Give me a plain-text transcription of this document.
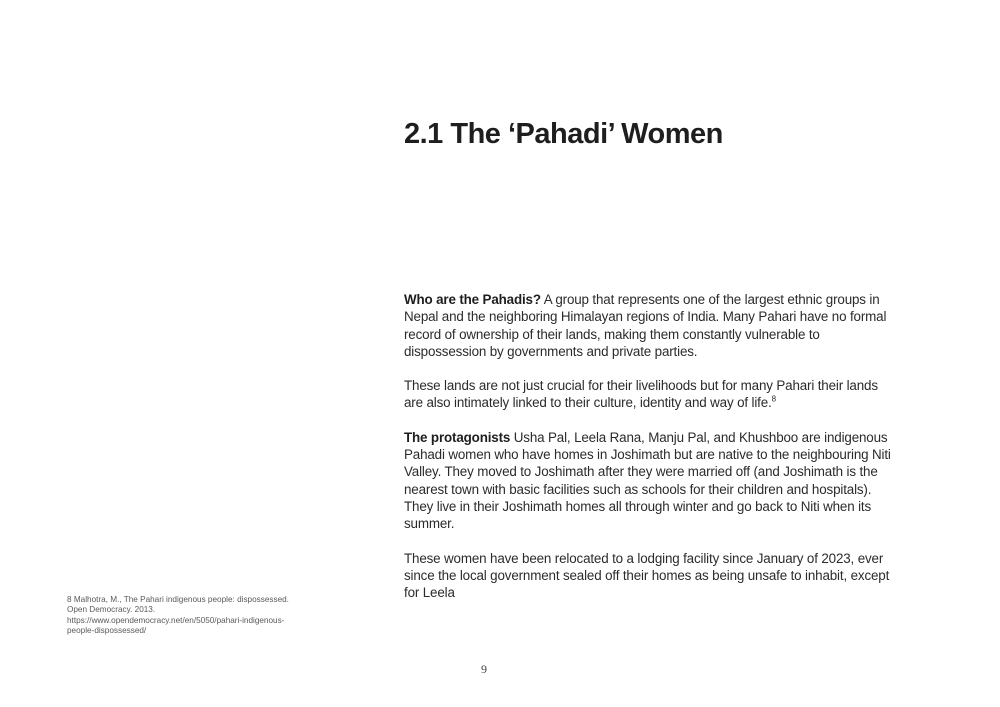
2.1 The ‘Pahadi’ Women

Who are the Pahadis? A group that represents one of the largest ethnic groups in Nepal and the neighboring Himalayan regions of India. Many Pahari have no formal record of ownership of their lands, making them constantly vulnerable to dispossession by governments and private parties.

These lands are not just crucial for their livelihoods but for many Pahari their lands are also intimately linked to their culture, identity and way of life.$^8$

The protagonists Usha Pal, Leela Rana, Manju Pal, and Khushboo are indigenous Pahadi women who have homes in Joshimath but are native to the neighbouring Niti Valley. They moved to Joshimath after they were married off (and Joshimath is the nearest town with basic facilities such as schools for their children and hospitals). They live in their Joshimath homes all through winter and go back to Niti when its summer.

These women have been relocated to a lodging facility since January of 2023, ever since the local government sealed off their homes as being unsafe to inhabit, except for Leela

8 Malhotra, M., The Pahari indigenous people: dispossessed.
Open Democracy. 2013.
https://www.opendemocracy.net/en/5050/pahari-indigenous-
people-dispossessed/
9
